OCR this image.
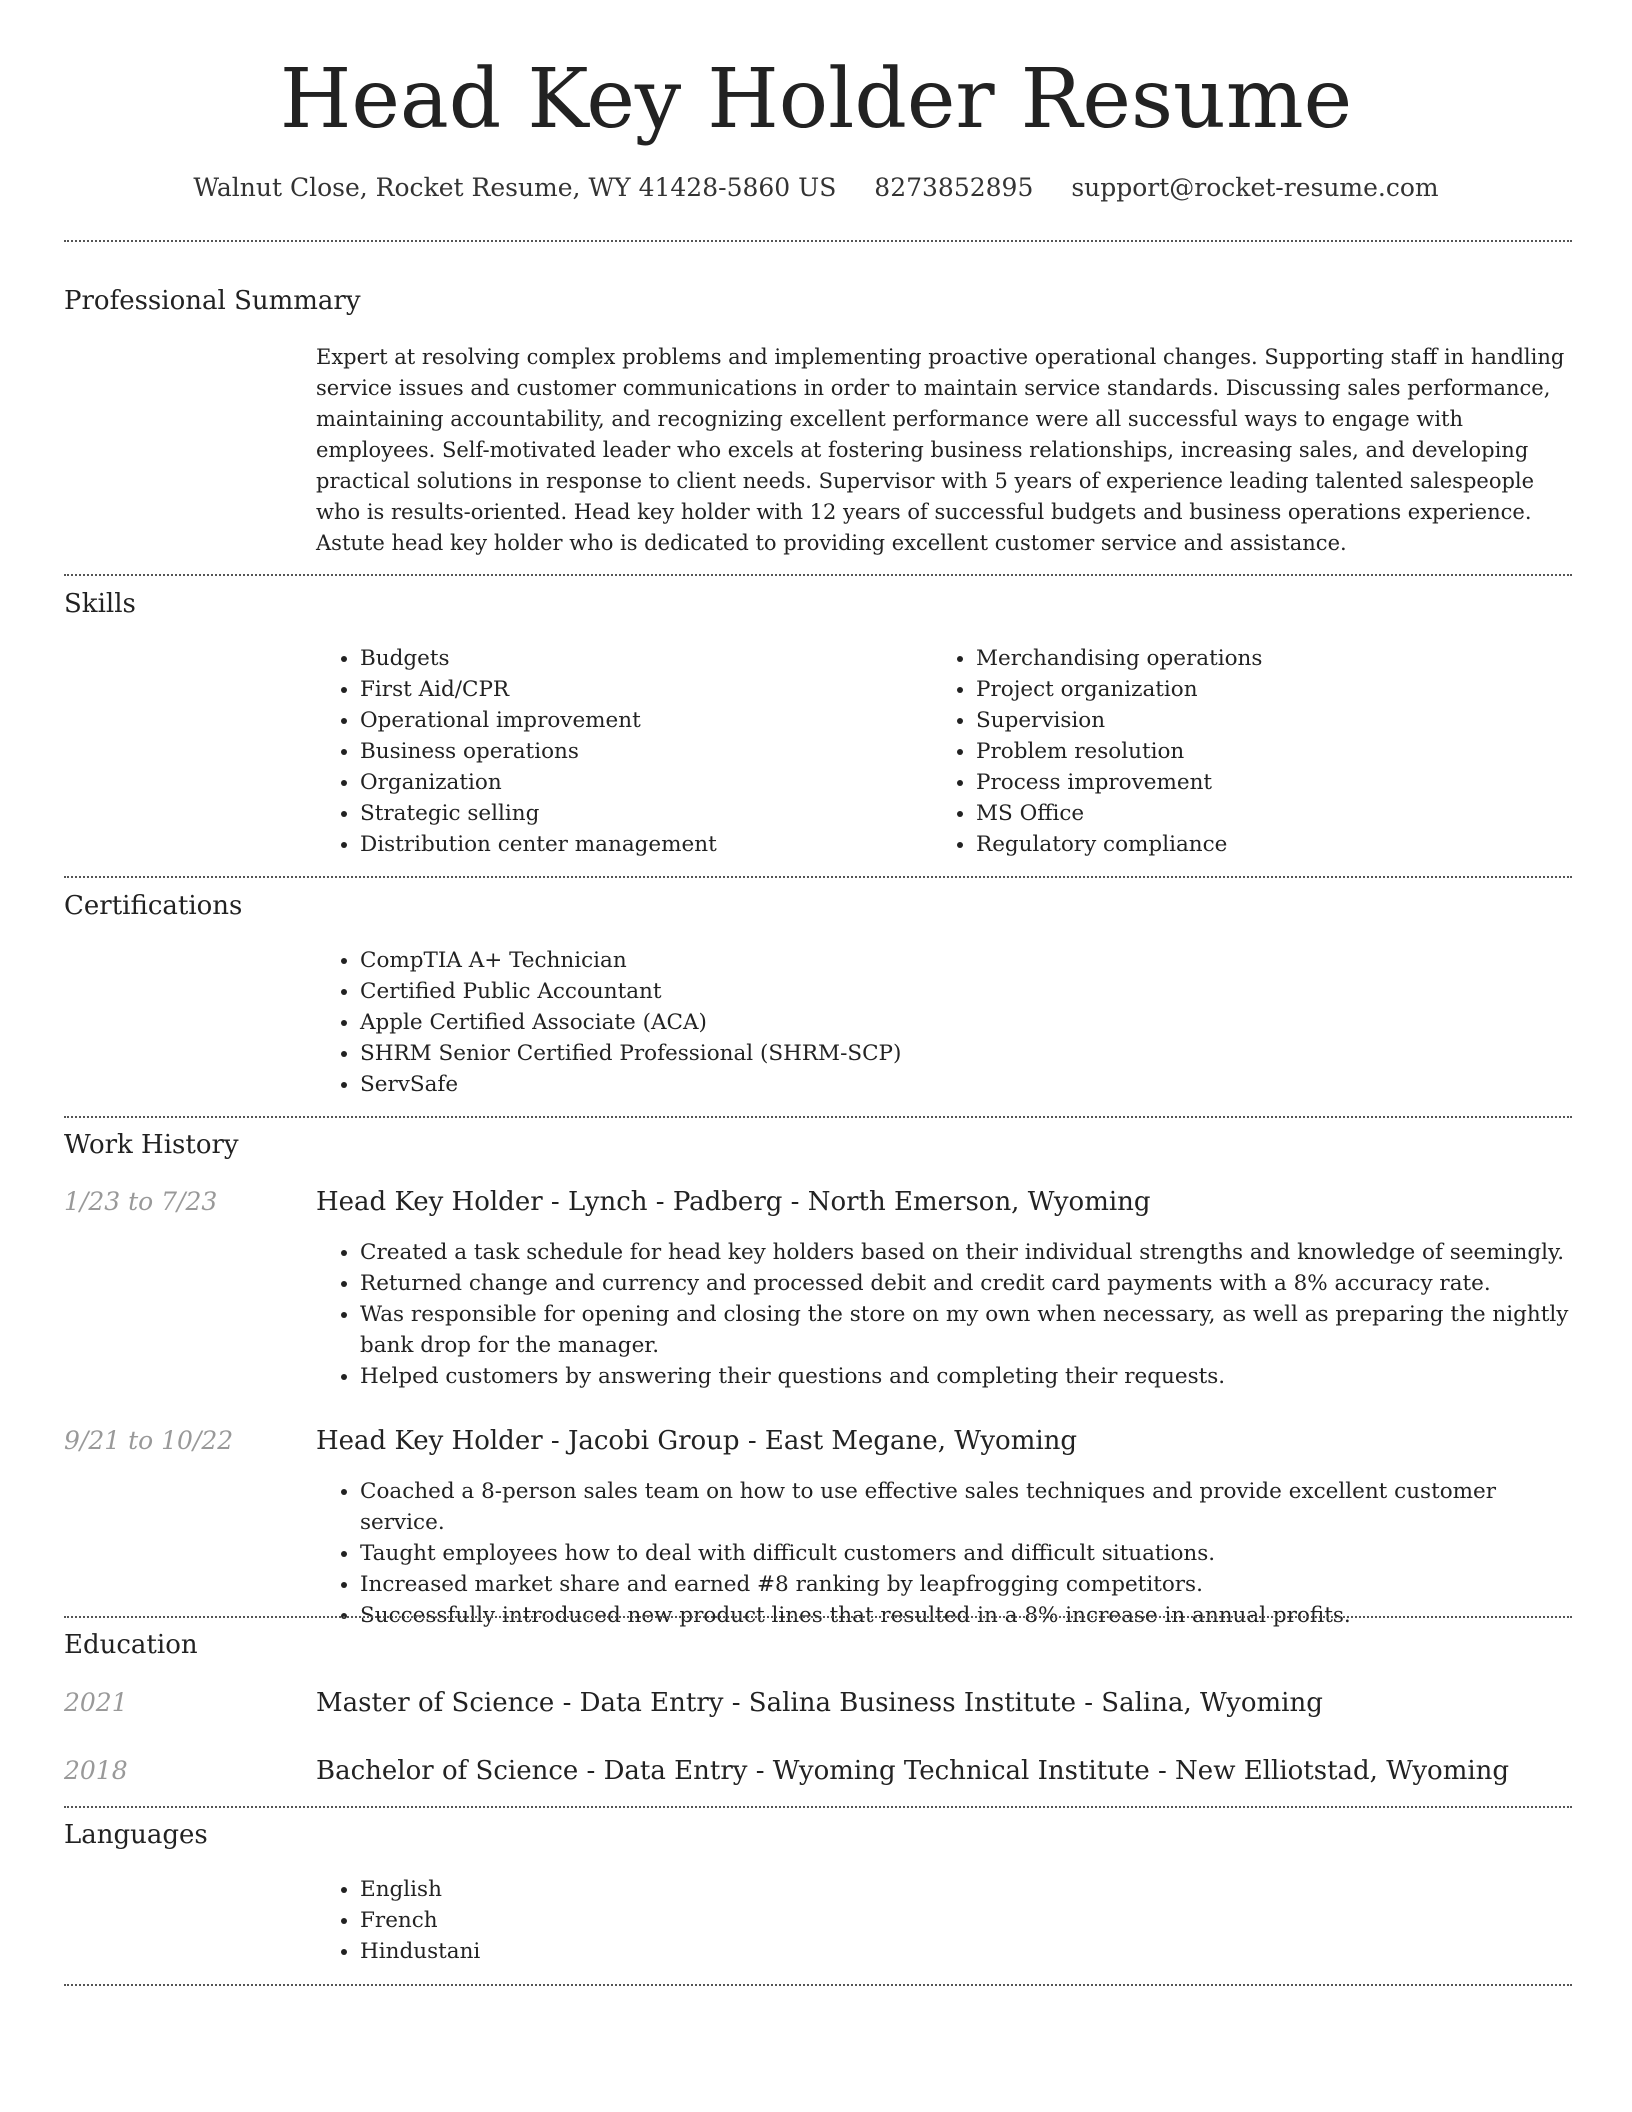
Head Key Holder Resume
Walnut Close, Rocket Resume, WY 41428-5860 US 8273852895 support@rocket-resume.com
Professional Summary

Expert at resolving complex problems and implementing proactive operational changes. Supporting staff in handling service issues and customer communications in order to maintain service standards. Discussing sales performance, maintaining accountability, and recognizing excellent performance were all successful ways to engage with employees. Self-motivated leader who excels at fostering business relationships, increasing sales, and developing practical solutions in response to client needs. Supervisor with 5 years of experience leading talented salespeople who is results-oriented. Head key holder with 12 years of successful budgets and business operations experience. Astute head key holder who is dedicated to providing excellent customer service and assistance.

Skills
• Budgets
• First Aid/CPR
• Operational improvement
• Business operations
• Organization
• Strategic selling
• Distribution center management
• Merchandising operations
• Project organization
• Supervision
• Problem resolution
• Process improvement
• MS Office
• Regulatory compliance
Certifications
• CompTIA A+ Technician
• Certified Public Accountant
• Apple Certified Associate (ACA)
• SHRM Senior Certified Professional (SHRM-SCP)
• ServSafe
Work History
1/23 to 7/23	Head Key Holder - Lynch - Padberg - North Emerson, Wyoming
• Created a task schedule for head key holders based on their individual strengths and knowledge of seemingly.
• Returned change and currency and processed debit and credit card payments with a 8% accuracy rate.
• Was responsible for opening and closing the store on my own when necessary, as well as preparing the nightly bank drop for the manager.
• Helped customers by answering their questions and completing their requests.
9/21 to 10/22	Head Key Holder - Jacobi Group - East Megane, Wyoming
• Coached a 8-person sales team on how to use effective sales techniques and provide excellent customer service.
• Taught employees how to deal with difficult customers and difficult situations.
• Increased market share and earned #8 ranking by leapfrogging competitors.
• Successfully introduced new product lines that resulted in a 8% increase in annual profits.
Education
2021	Master of Science - Data Entry - Salina Business Institute - Salina, Wyoming
2018	Bachelor of Science - Data Entry - Wyoming Technical Institute - New Elliotstad, Wyoming
Languages
• English
• French
• Hindustani
